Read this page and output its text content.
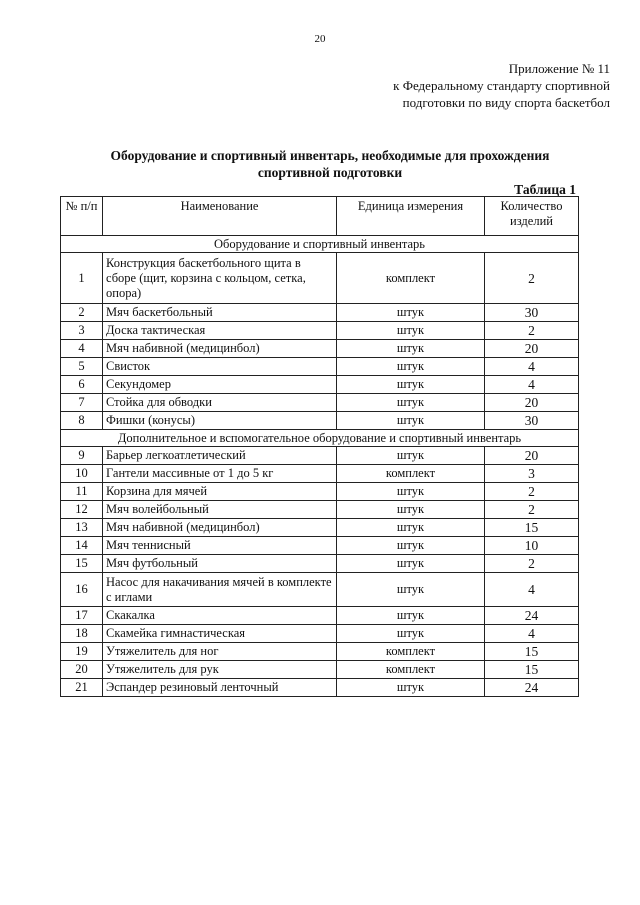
20
Приложение № 11
к Федеральному стандарту спортивной
подготовки по виду спорта баскетбол
Оборудование и спортивный инвентарь, необходимые для прохождения
спортивной подготовки
Таблица 1
№ п/п	Наименование	Единица измерения	Количество изделий
Оборудование и спортивный инвентарь			
1	Конструкция баскетбольного щита в сборе (щит, корзина с кольцом, сетка, опора)	комплект	2
2	Мяч баскетбольный	штук	30
3	Доска тактическая	штук	2
4	Мяч набивной (медицинбол)	штук	20
5	Свисток	штук	4
6	Секундомер	штук	4
7	Стойка для обводки	штук	20
8	Фишки (конусы)	штук	30
Дополнительное и вспомогательное оборудование и спортивный инвентарь			
9	Барьер легкоатлетический	штук	20
10	Гантели массивные от 1 до 5 кг	комплект	3
11	Корзина для мячей	штук	2
12	Мяч волейбольный	штук	2
13	Мяч набивной (медицинбол)	штук	15
14	Мяч теннисный	штук	10
15	Мяч футбольный	штук	2
16	Насос для накачивания мячей в комплекте с иглами	штук	4
17	Скакалка	штук	24
18	Скамейка гимнастическая	штук	4
19	Утяжелитель для ног	комплект	15
20	Утяжелитель для рук	комплект	15
21	Эспандер резиновый ленточный	штук	24
